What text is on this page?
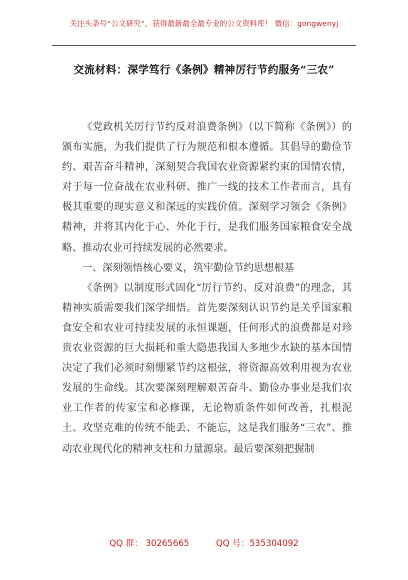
关注头条号“公文研究”，获得最新最全最专业的公文资料库！ 微信：gongwenyj
交流材料：深学笃行《条例》精神厉行节约服务“三农”

《党政机关厉行节约反对浪费条例》（以下简称《条例》）的颁布实施，为我们提供了行为规范和根本遵循。其倡导的勤俭节约、艰苦奋斗精神，深刻契合我国农业资源紧约束的国情农情，对于每一位奋战在农业科研、推广一线的技术工作者而言，具有极其重要的现实意义和深远的实践价值。深刻学习领会《条例》精神，并将其内化于心、外化于行，是我们服务国家粮食安全战略、推动农业可持续发展的必然要求。

一、深刻领悟核心要义，筑牢勤俭节约思想根基

《条例》以制度形式固化“厉行节约、反对浪费”的理念，其精神实质需要我们深学细悟。首先要深刻认识节约是关乎国家粮食安全和农业可持续发展的永恒课题，任何形式的浪费都是对珍贵农业资源的巨大损耗和重大隐患我国人多地少水缺的基本国情决定了我们必须时刻绷紧节约这根弦，将资源高效利用视为农业发展的生命线。其次要深刻理解艰苦奋斗、勤俭办事业是我们农业工作者的传家宝和必修课，无论物质条件如何改善，扎根泥土、攻坚克难的传统不能丢、不能忘，这是我们服务“三农”、推动农业现代化的精神支柱和力量源泉。最后要深刻把握制

QQ 群： 30265665	QQ 号：535304092
